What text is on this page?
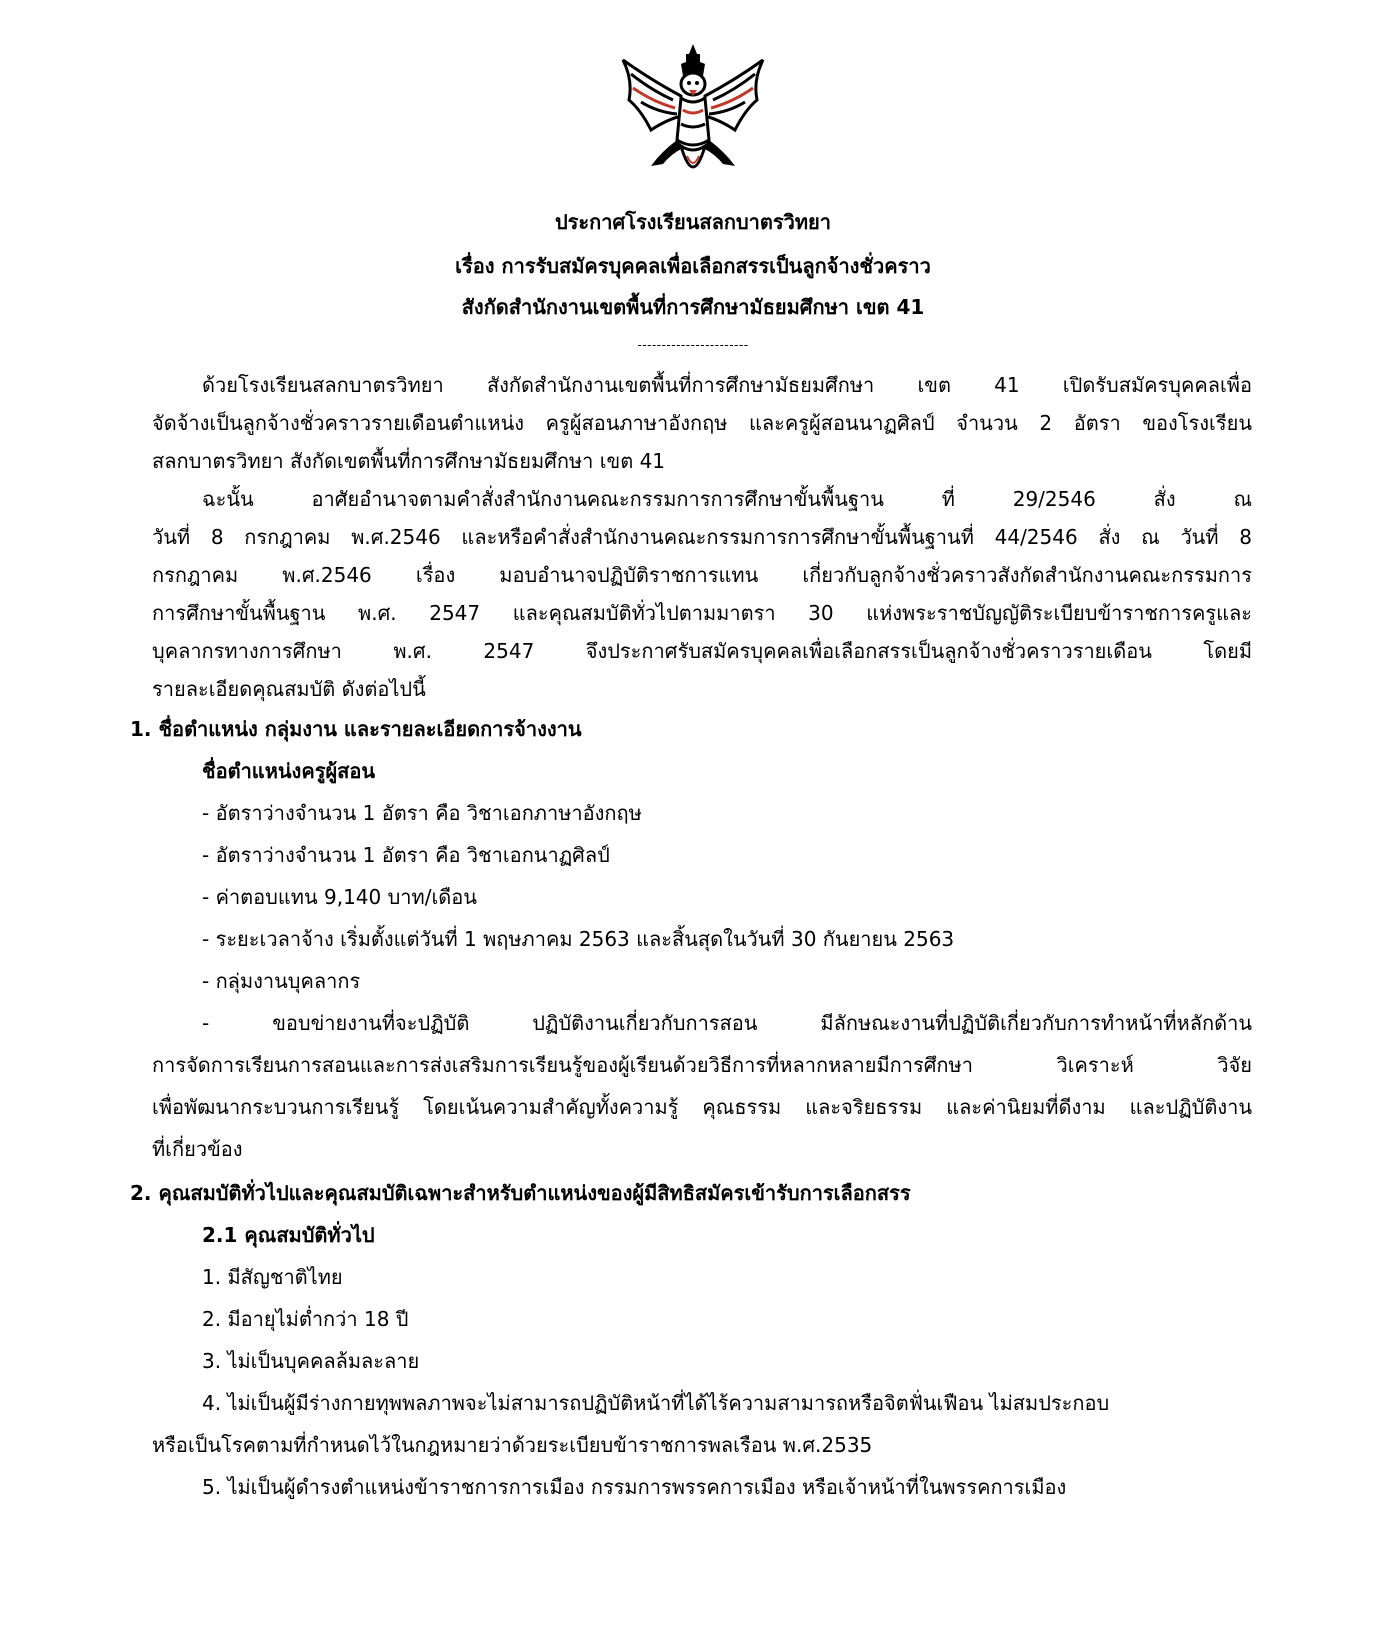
ประกาศโรงเรียนสลกบาตรวิทยา
เรื่อง การรับสมัครบุคคลเพื่อเลือกสรรเป็นลูกจ้างชั่วคราว
สังกัดสำนักงานเขตพื้นที่การศึกษามัธยมศึกษา เขต 41
-----------------------
ด้วยโรงเรียนสลกบาตรวิทยา สังกัดสำนักงานเขตพื้นที่การศึกษามัธยมศึกษา เขต 41 เปิดรับสมัครบุคคลเพื่อ
จัดจ้างเป็นลูกจ้างชั่วคราวรายเดือนตำแหน่ง ครูผู้สอนภาษาอังกฤษ และครูผู้สอนนาฏศิลป์ จำนวน 2 อัตรา ของโรงเรียน
สลกบาตรวิทยา สังกัดเขตพื้นที่การศึกษามัธยมศึกษา เขต 41
ฉะนั้น อาศัยอำนาจตามคำสั่งสำนักงานคณะกรรมการการศึกษาขั้นพื้นฐาน ที่ 29/2546 สั่ง ณ
วันที่ 8 กรกฎาคม พ.ศ.2546 และหรือคำสั่งสำนักงานคณะกรรมการการศึกษาขั้นพื้นฐานที่ 44/2546 สั่ง ณ วันที่ 8
กรกฎาคม พ.ศ.2546 เรื่อง มอบอำนาจปฏิบัติราชการแทน เกี่ยวกับลูกจ้างชั่วคราวสังกัดสำนักงานคณะกรรมการ
การศึกษาขั้นพื้นฐาน พ.ศ. 2547 และคุณสมบัติทั่วไปตามมาตรา 30 แห่งพระราชบัญญัติระเบียบข้าราชการครูและ
บุคลากรทางการศึกษา พ.ศ. 2547 จึงประกาศรับสมัครบุคคลเพื่อเลือกสรรเป็นลูกจ้างชั่วคราวรายเดือน โดยมี
รายละเอียดคุณสมบัติ ดังต่อไปนี้
1. ชื่อตำแหน่ง กลุ่มงาน และรายละเอียดการจ้างงาน
ชื่อตำแหน่งครูผู้สอน
- อัตราว่างจำนวน 1 อัตรา คือ วิชาเอกภาษาอังกฤษ
- อัตราว่างจำนวน 1 อัตรา คือ วิชาเอกนาฏศิลป์
- ค่าตอบแทน 9,140 บาท/เดือน
- ระยะเวลาจ้าง เริ่มตั้งแต่วันที่ 1 พฤษภาคม 2563 และสิ้นสุดในวันที่ 30 กันยายน 2563
- กลุ่มงานบุคลากร
- ขอบข่ายงานที่จะปฏิบัติ ปฏิบัติงานเกี่ยวกับการสอน มีลักษณะงานที่ปฏิบัติเกี่ยวกับการทำหน้าที่หลักด้าน
การจัดการเรียนการสอนและการส่งเสริมการเรียนรู้ของผู้เรียนด้วยวิธีการที่หลากหลายมีการศึกษา วิเคราะห์ วิจัย
เพื่อพัฒนากระบวนการเรียนรู้ โดยเน้นความสำคัญทั้งความรู้ คุณธรรม และจริยธรรม และค่านิยมที่ดีงาม และปฏิบัติงาน
ที่เกี่ยวข้อง
2. คุณสมบัติทั่วไปและคุณสมบัติเฉพาะสำหรับตำแหน่งของผู้มีสิทธิสมัครเข้ารับการเลือกสรร
2.1 คุณสมบัติทั่วไป
1. มีสัญชาติไทย
2. มีอายุไม่ต่ำกว่า 18 ปี
3. ไม่เป็นบุคคลล้มละลาย
4. ไม่เป็นผู้มีร่างกายทุพพลภาพจะไม่สามารถปฏิบัติหน้าที่ได้ไร้ความสามารถหรือจิตฟั่นเฟือน ไม่สมประกอบ
หรือเป็นโรคตามที่กำหนดไว้ในกฎหมายว่าด้วยระเบียบข้าราชการพลเรือน พ.ศ.2535
5. ไม่เป็นผู้ดำรงตำแหน่งข้าราชการการเมือง กรรมการพรรคการเมือง หรือเจ้าหน้าที่ในพรรคการเมือง
